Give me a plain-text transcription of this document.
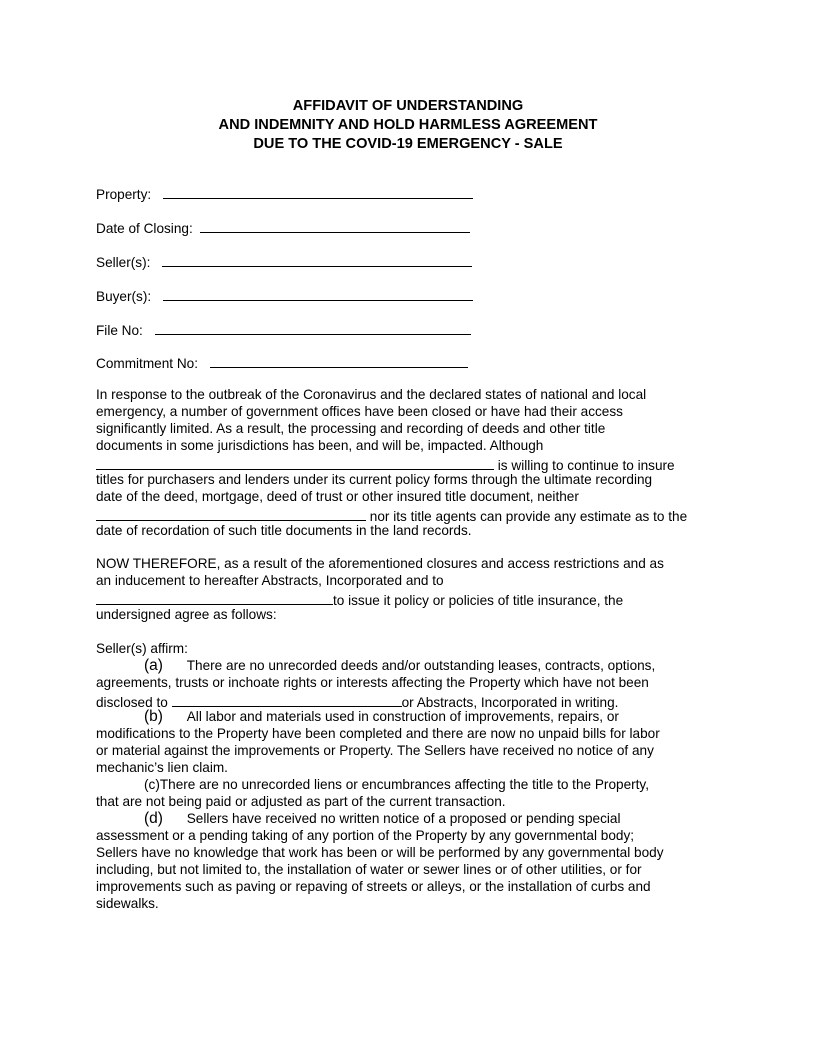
AFFIDAVIT OF UNDERSTANDING
AND INDEMNITY AND HOLD HARMLESS AGREEMENT
DUE TO THE COVID-19 EMERGENCY - SALE
Property:
Date of Closing:
Seller(s):
Buyer(s):
File No:
Commitment No:
In response to the outbreak of the Coronavirus and the declared states of national and local
emergency, a number of government offices have been closed or have had their access
significantly limited. As a result, the processing and recording of deeds and other title
documents in some jurisdictions has been, and will be, impacted. Although
is willing to continue to insure
titles for purchasers and lenders under its current policy forms through the ultimate recording
date of the deed, mortgage, deed of trust or other insured title document, neither
nor its title agents can provide any estimate as to the
date of recordation of such title documents in the land records.
NOW THEREFORE, as a result of the aforementioned closures and access restrictions and as
an inducement to hereafter Abstracts, Incorporated and to
to issue it policy or policies of title insurance, the
undersigned agree as follows:
Seller(s) affirm:
(a) There are no unrecorded deeds and/or outstanding leases, contracts, options,
agreements, trusts or inchoate rights or interests affecting the Property which have not been
disclosed to	or Abstracts, Incorporated in writing.
(b) All labor and materials used in construction of improvements, repairs, or
modifications to the Property have been completed and there are now no unpaid bills for labor
or material against the improvements or Property. The Sellers have received no notice of any
mechanic’s lien claim.
(c)There are no unrecorded liens or encumbrances affecting the title to the Property,
that are not being paid or adjusted as part of the current transaction.
(d) Sellers have received no written notice of a proposed or pending special
assessment or a pending taking of any portion of the Property by any governmental body;
Sellers have no knowledge that work has been or will be performed by any governmental body
including, but not limited to, the installation of water or sewer lines or of other utilities, or for
improvements such as paving or repaving of streets or alleys, or the installation of curbs and
sidewalks.
